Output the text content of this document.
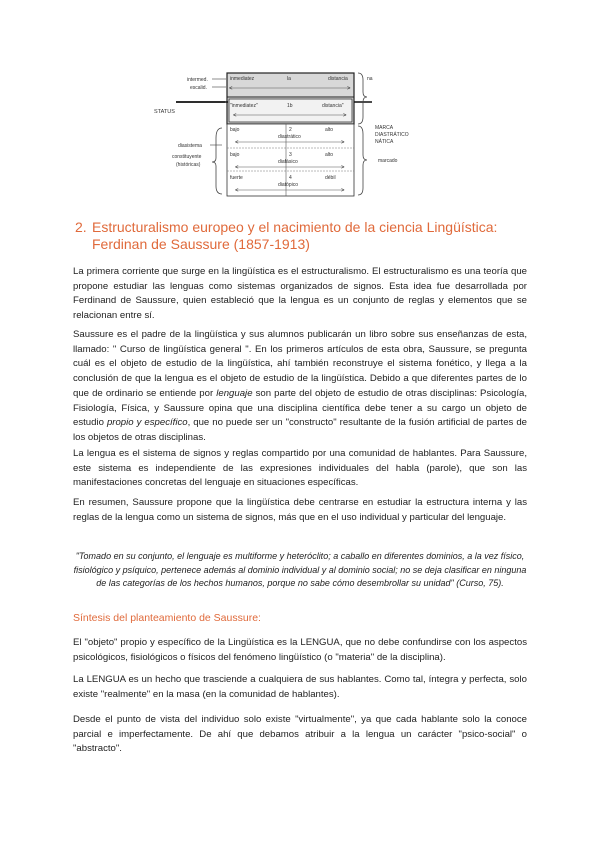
intermed.
escalid.
STATUS
diasistema
constituyente
(históricas)
inmediatez	la	distancia
<	>
"inmediatez"	1b	distancia"
<	>
bajo	2
diastrático
alto
<	>
bajo	3
diafásico
alto
<	>
fuerte	4
diatópico
débil
<	>
na
MARCA
DIASTRÁTICO
NÁTICA
marcado
2. Estructuralismo europeo y el nacimiento de la ciencia Lingüística: Ferdinan de Saussure (1857-1913)

La primera corriente que surge en la lingüística es el estructuralismo. El estructuralismo es una teoría que propone estudiar las lenguas como sistemas organizados de signos. Esta idea fue desarrollada por Ferdinand de Saussure, quien estableció que la lengua es un conjunto de reglas y elementos que se relacionan entre sí.

Saussure es el padre de la lingüística y sus alumnos publicarán un libro sobre sus enseñanzas de esta, llamado: " Curso de lingüística general ". En los primeros artículos de esta obra, Saussure, se pregunta cuál es el objeto de estudio de la lingüística, ahí también reconstruye el sistema fonético, y llega a la conclusión de que la lengua es el objeto de estudio de la lingüística. Debido a que diferentes partes de lo que de ordinario se entiende por lenguaje son parte del objeto de estudio de otras disciplinas: Psicología, Fisiología, Física, y Saussure opina que una disciplina científica debe tener a su cargo un objeto de estudio propio y específico, que no puede ser un "constructo" resultante de la fusión artificial de partes de los objetos de otras disciplinas.

La lengua es el sistema de signos y reglas compartido por una comunidad de hablantes. Para Saussure, este sistema es independiente de las expresiones individuales del habla (parole), que son las manifestaciones concretas del lenguaje en situaciones específicas.

En resumen, Saussure propone que la lingüística debe centrarse en estudiar la estructura interna y las reglas de la lengua como un sistema de signos, más que en el uso individual y particular del lenguaje.

"Tomado en su conjunto, el lenguaje es multiforme y heteróclito; a caballo en diferentes dominios, a la vez físico, fisiológico y psíquico, pertenece además al dominio individual y al dominio social; no se deja clasificar en ninguna de las categorías de los hechos humanos, porque no sabe cómo desembrollar su unidad" (Curso, 75).

Síntesis del planteamiento de Saussure:

El "objeto" propio y específico de la Lingüística es la LENGUA, que no debe confundirse con los aspectos psicológicos, fisiológicos o físicos del fenómeno lingüístico (o "materia" de la disciplina).

La LENGUA es un hecho que trasciende a cualquiera de sus hablantes. Como tal, íntegra y perfecta, solo existe "realmente" en la masa (en la comunidad de hablantes).

Desde el punto de vista del individuo solo existe "virtualmente", ya que cada hablante solo la conoce parcial e imperfectamente. De ahí que debamos atribuir a la lengua un carácter "psico-social" o "abstracto".
